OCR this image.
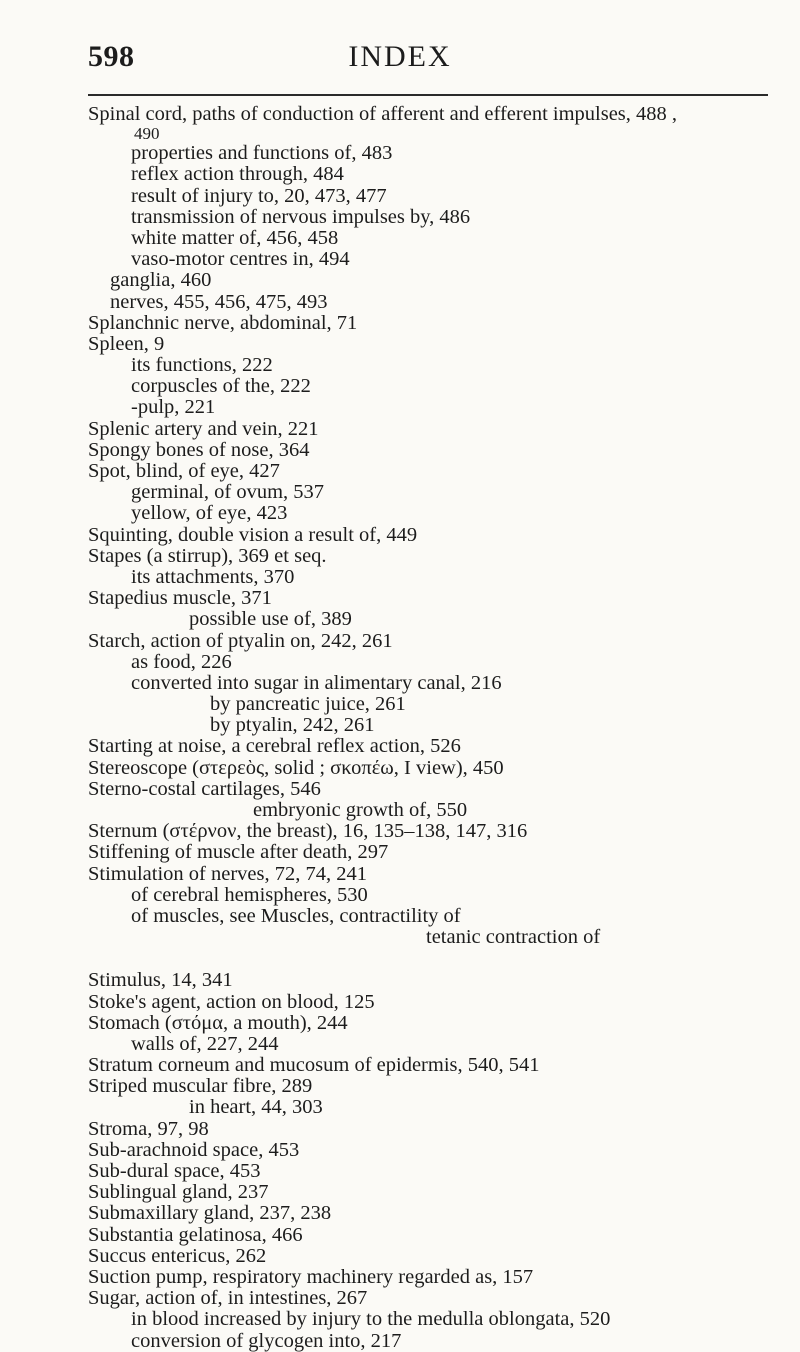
598	INDEX
Spinal cord, paths of conduction of afferent and efferent impulses, 488 ,
490
properties and functions of, 483
reflex action through, 484
result of injury to, 20, 473, 477
transmission of nervous impulses by, 486
white matter of, 456, 458
vaso-motor centres in, 494
ganglia, 460
nerves, 455, 456, 475, 493
Splanchnic nerve, abdominal, 71
Spleen, 9
its functions, 222
corpuscles of the, 222
-pulp, 221
Splenic artery and vein, 221
Spongy bones of nose, 364
Spot, blind, of eye, 427
germinal, of ovum, 537
yellow, of eye, 423
Squinting, double vision a result of, 449
Stapes (a stirrup), 369 et seq.
its attachments, 370
Stapedius muscle, 371
possible use of, 389
Starch, action of ptyalin on, 242, 261
as food, 226
converted into sugar in alimentary canal, 216
by pancreatic juice, 261
by ptyalin, 242, 261
Starting at noise, a cerebral reflex action, 526
Stereoscope (στερεὸς, solid ; σκοπέω, I view), 450
Sterno-costal cartilages, 546
embryonic growth of, 550
Sternum (στέρνον, the breast), 16, 135–138, 147, 316
Stiffening of muscle after death, 297
Stimulation of nerves, 72, 74, 241
of cerebral hemispheres, 530
of muscles, see Muscles, contractility of
tetanic contraction of
Stimulus, 14, 341
Stoke's agent, action on blood, 125
Stomach (στόμα, a mouth), 244
walls of, 227, 244
Stratum corneum and mucosum of epidermis, 540, 541
Striped muscular fibre, 289
in heart, 44, 303
Stroma, 97, 98
Sub-arachnoid space, 453
Sub-dural space, 453
Sublingual gland, 237
Submaxillary gland, 237, 238
Substantia gelatinosa, 466
Succus entericus, 262
Suction pump, respiratory machinery regarded as, 157
Sugar, action of, in intestines, 267
in blood increased by injury to the medulla oblongata, 520
conversion of glycogen into, 217
